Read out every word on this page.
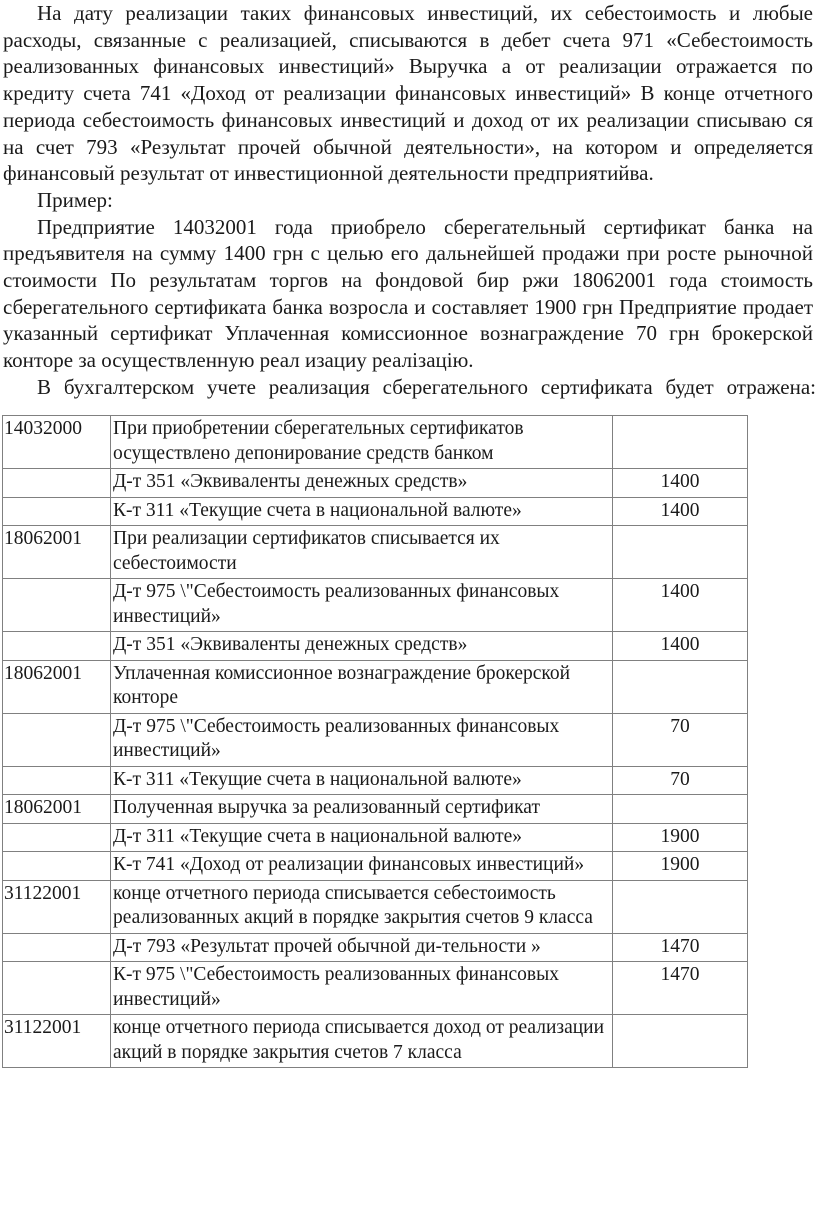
На дату реализации таких финансовых инвестиций, их себестоимость и любые расходы, связанные с реализацией, списываются в дебет счета 971 «Себестоимость реализованных финансовых инвестиций» Выручка а от реализации отражается по кредиту счета 741 «Доход от реализации финансовых инвестиций» В конце отчетного периода себестоимость финансовых инвестиций и доход от их реализации списываю ся на счет 793 «Результат прочей обычной деятельности», на котором и определяется финансовый результат от инвестиционной деятельности предприятийва.

Пример:

Предприятие 14032001 года приобрело сберегательный сертификат банка на предъявителя на сумму 1400 грн с целью его дальнейшей продажи при росте рыночной стоимости По результатам торгов на фондовой бир ржи 18062001 года стоимость сберегательного сертификата банка возросла и составляет 1900 грн Предприятие продает указанный сертификат Уплаченная комиссионное вознаграждение 70 грн брокерской конторе за осуществленную реал изациу реалізацію.

В бухгалтерском учете реализация сберегательного сертификата будет отражена:

14032000	При приобретении сберегательных сертификатов осуществлено депонирование средств банком	
	Д-т 351 «Эквиваленты денежных средств»	1400
	К-т 311 «Текущие счета в национальной валюте»	1400
18062001	При реализации сертификатов списывается их себестоимости	
	Д-т 975 \"Себестоимость реализованных финансовых инвестиций»	1400
	Д-т 351 «Эквиваленты денежных средств»	1400
18062001	Уплаченная комиссионное вознаграждение брокерской конторе	
	Д-т 975 \"Себестоимость реализованных финансовых инвестиций»	70
	К-т 311 «Текущие счета в национальной валюте»	70
18062001	Полученная выручка за реализованный сертификат	
	Д-т 311 «Текущие счета в национальной валюте»	1900
	К-т 741 «Доход от реализации финансовых инвестиций»	1900
31122001	конце отчетного периода списывается себестоимость реализованных акций в порядке закрытия счетов 9 класса	
	Д-т 793 «Результат прочей обычной ди-тельности »	1470
	К-т 975 \"Себестоимость реализованных финансовых инвестиций»	1470
31122001	конце отчетного периода списывается доход от реализации акций в порядке закрытия счетов 7 класса	
